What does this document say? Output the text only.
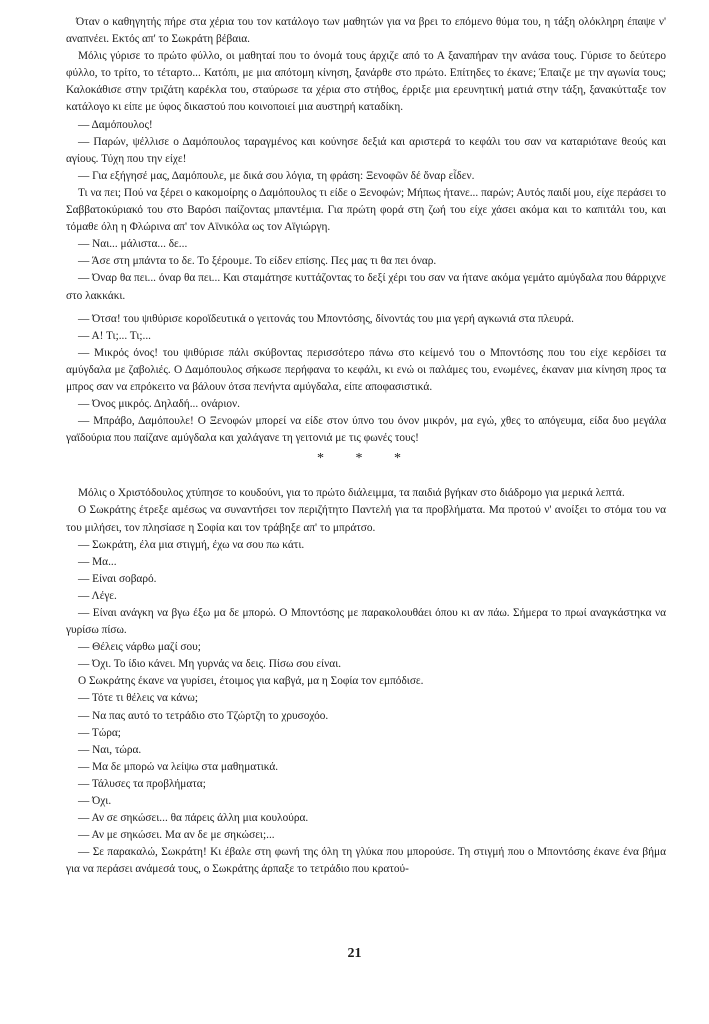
Όταν ο καθηγητής πήρε στα χέρια του τον κατάλογο των μαθητών για να βρει το επόμενο θύμα του, η τάξη ολόκληρη έπαψε ν' αναπνέει. Εκτός απ' το Σωκράτη βέβαια.

Μόλις γύρισε το πρώτο φύλλο, οι μαθηταί που το όνομά τους άρχιζε από το Α ξαναπήραν την ανάσα τους. Γύρισε το δεύτερο φύλλο, το τρίτο, το τέταρτο... Κατόπι, με μια απότομη κίνηση, ξανάρθε στο πρώτο. Επίτηδες το έκανε; Έπαιζε με την αγωνία τους; Καλοκάθισε στην τριζάτη καρέκλα του, σταύρωσε τα χέρια στο στήθος, έρριξε μια ερευνητική ματιά στην τάξη, ξανακύτταξε τον κατάλογο κι είπε με ύφος δικαστού που κοινοποιεί μια αυστηρή καταδίκη.

— Δαμόπουλος!

— Παρών, ψέλλισε ο Δαμόπουλος ταραγμένος και κούνησε δεξιά και αριστερά το κεφάλι του σαν να καταριότανε θεούς και αγίους. Τύχη που την είχε!

— Για εξήγησέ μας, Δαμόπουλε, με δικά σου λόγια, τη φράση: Ξενοφῶν δέ ὄναρ εἶδεν.

Τι να πει; Πού να ξέρει ο κακομοίρης ο Δαμόπουλος τι είδε ο Ξενοφών; Μήπως ήτανε... παρών; Αυτός παιδί μου, είχε περάσει το Σαββατοκύριακό του στο Βαρόσι παίζοντας μπαντέμια. Για πρώτη φορά στη ζωή του είχε χάσει ακόμα και το καπιτάλι του, και τόμαθε όλη η Φλώρινα απ' τον Αϊνικόλα ως τον Αϊγιώργη.

— Ναι... μάλιστα... δε...

— Άσε στη μπάντα το δε. Το ξέρουμε. Το είδεν επίσης. Πες μας τι θα πει όναρ.

— Όναρ θα πει... όναρ θα πει... Και σταμάτησε κυττάζοντας το δεξί χέρι του σαν να ήτανε ακόμα γεμάτο αμύγδαλα που θάρριχνε στο λακκάκι.

— Ότσα! του ψιθύρισε κοροϊδευτικά ο γειτονάς του Μποντόσης, δίνοντάς του μια γερή αγκωνιά στα πλευρά.

— Α! Τι;... Τι;...

— Μικρός όνος! του ψιθύρισε πάλι σκύβοντας περισσότερο πάνω στο κείμενό του ο Μποντόσης που του είχε κερδίσει τα αμύγδαλα με ζαβολιές. Ο Δαμόπουλος σήκωσε περήφανα το κεφάλι, κι ενώ οι παλάμες του, ενωμένες, έκαναν μια κίνηση προς τα μπρος σαν να επρόκειτο να βάλουν ότσα πενήντα αμύγδαλα, είπε αποφασιστικά.

— Όνος μικρός. Δηλαδή... ονάριον.

— Μπράβο, Δαμόπουλε! Ο Ξενοφών μπορεί να είδε στον ύπνο του όνον μικρόν, μα εγώ, χθες το απόγευμα, είδα δυο μεγάλα γαϊδούρια που παίζανε αμύγδαλα και χαλάγανε τη γειτονιά με τις φωνές τους!

* * *

Μόλις ο Χριστόδουλος χτύπησε το κουδούνι, για το πρώτο διάλειμμα, τα παιδιά βγήκαν στο διάδρομο για μερικά λεπτά.

Ο Σωκράτης έτρεξε αμέσως να συναντήσει τον περιζήτητο Παντελή για τα προβλήματα. Μα προτού ν' ανοίξει το στόμα του να του μιλήσει, τον πλησίασε η Σοφία και τον τράβηξε απ' το μπράτσο.

— Σωκράτη, έλα μια στιγμή, έχω να σου πω κάτι.

— Μα...

— Είναι σοβαρό.

— Λέγε.

— Είναι ανάγκη να βγω έξω μα δε μπορώ. Ο Μποντόσης με παρακολουθάει όπου κι αν πάω. Σήμερα το πρωί αναγκάστηκα να γυρίσω πίσω.

— Θέλεις νάρθω μαζί σου;

— Όχι. Το ίδιο κάνει. Μη γυρνάς να δεις. Πίσω σου είναι.

Ο Σωκράτης έκανε να γυρίσει, έτοιμος για καβγά, μα η Σοφία τον εμπόδισε.

— Τότε τι θέλεις να κάνω;

— Να πας αυτό το τετράδιο στο Τζώρτζη το χρυσοχόο.

— Τώρα;

— Ναι, τώρα.

— Μα δε μπορώ να λείψω στα μαθηματικά.

— Τάλυσες τα προβλήματα;

— Όχι.

— Αν σε σηκώσει... θα πάρεις άλλη μια κουλούρα.

— Αν με σηκώσει. Μα αν δε με σηκώσει;...

— Σε παρακαλώ, Σωκράτη! Κι έβαλε στη φωνή της όλη τη γλύκα που μπορούσε. Τη στιγμή που ο Μποντόσης έκανε ένα βήμα για να περάσει ανάμεσά τους, ο Σωκράτης άρπαξε το τετράδιο που κρατού-

21
